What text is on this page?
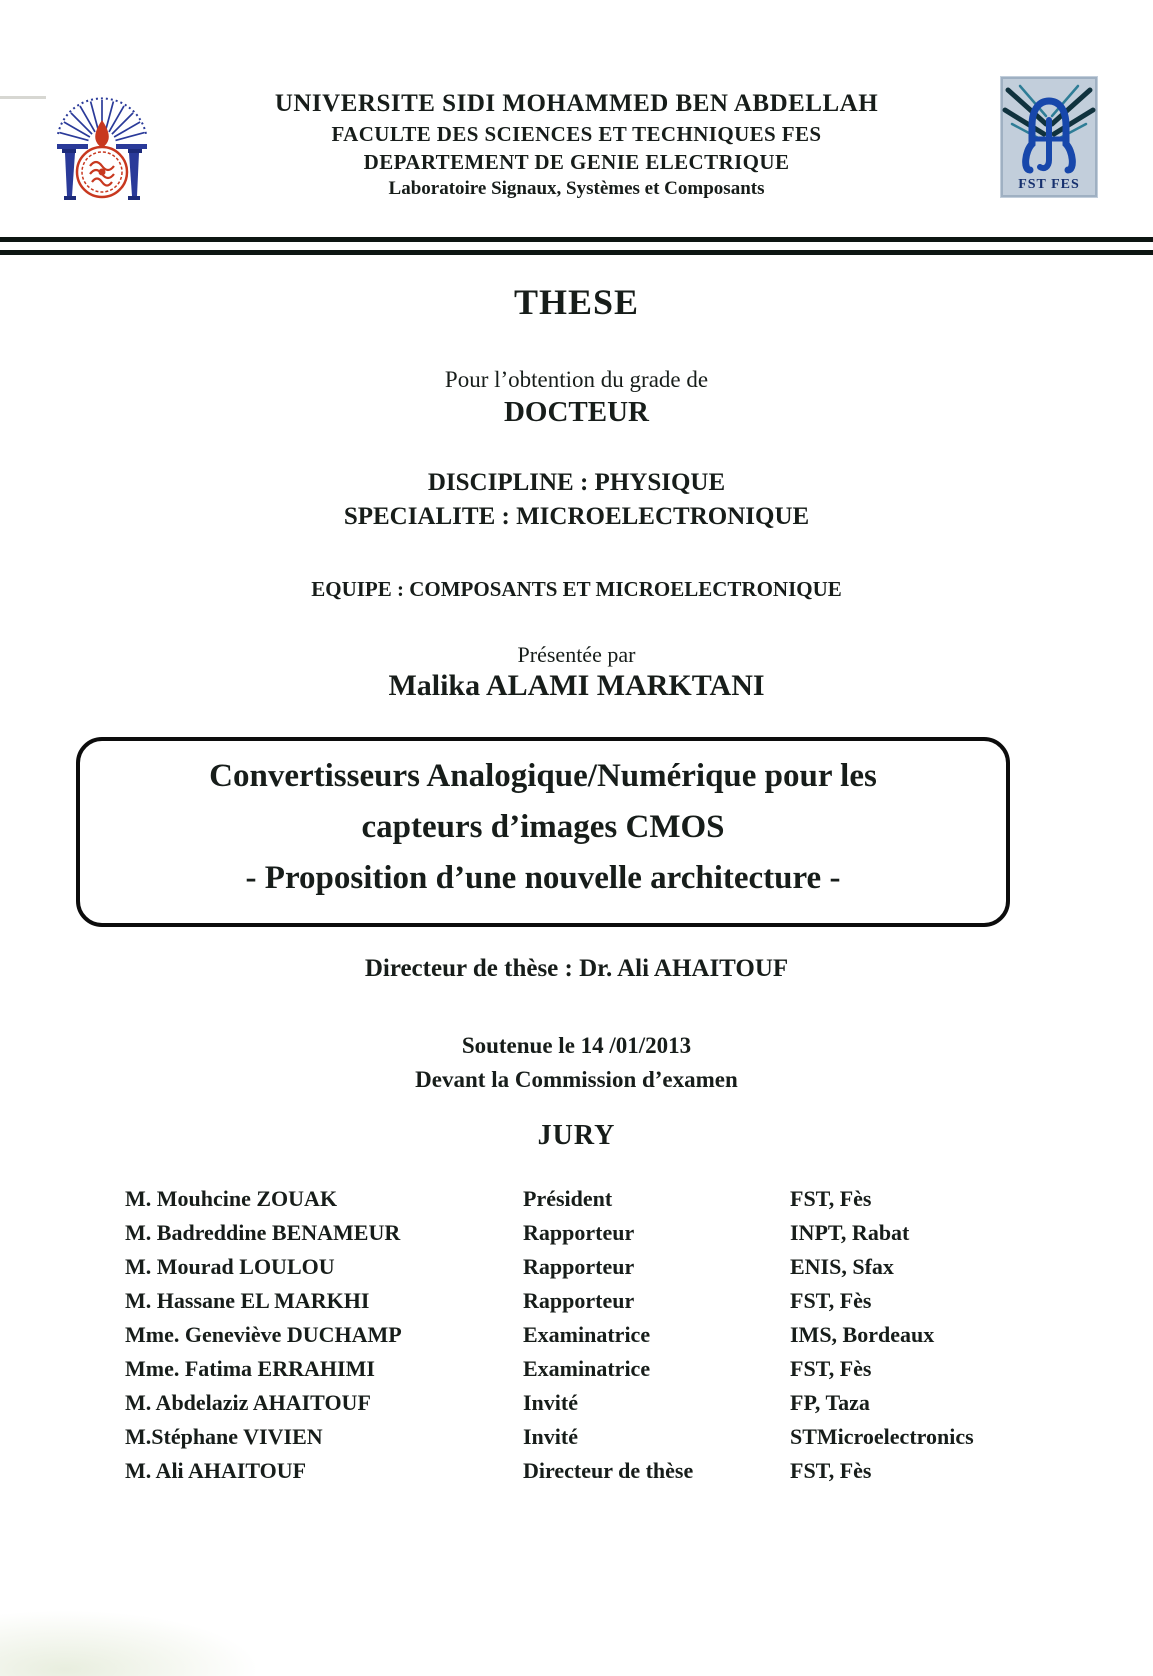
FST FES
UNIVERSITE SIDI MOHAMMED BEN ABDELLAH
FACULTE DES SCIENCES ET TECHNIQUES FES
DEPARTEMENT DE GENIE ELECTRIQUE
Laboratoire Signaux, Systèmes et Composants
THESE
Pour l’obtention du grade de
DOCTEUR
DISCIPLINE : PHYSIQUE
SPECIALITE : MICROELECTRONIQUE
EQUIPE : COMPOSANTS ET MICROELECTRONIQUE
Présentée par
Malika ALAMI MARKTANI
Convertisseurs Analogique/Numérique pour les
capteurs d’images CMOS
- Proposition d’une nouvelle architecture -
Directeur de thèse : Dr. Ali AHAITOUF
Soutenue le 14 /01/2013
Devant la Commission d’examen
JURY
M. Mouhcine ZOUAK	Président	FST, Fès
M. Badreddine BENAMEUR	Rapporteur	INPT, Rabat
M. Mourad LOULOU	Rapporteur	ENIS, Sfax
M. Hassane EL MARKHI	Rapporteur	FST, Fès
Mme. Geneviève DUCHAMP	Examinatrice	IMS, Bordeaux
Mme. Fatima ERRAHIMI	Examinatrice	FST, Fès
M. Abdelaziz AHAITOUF	Invité	FP, Taza
M.Stéphane VIVIEN	Invité	STMicroelectronics
M. Ali AHAITOUF	Directeur de thèse	FST, Fès
